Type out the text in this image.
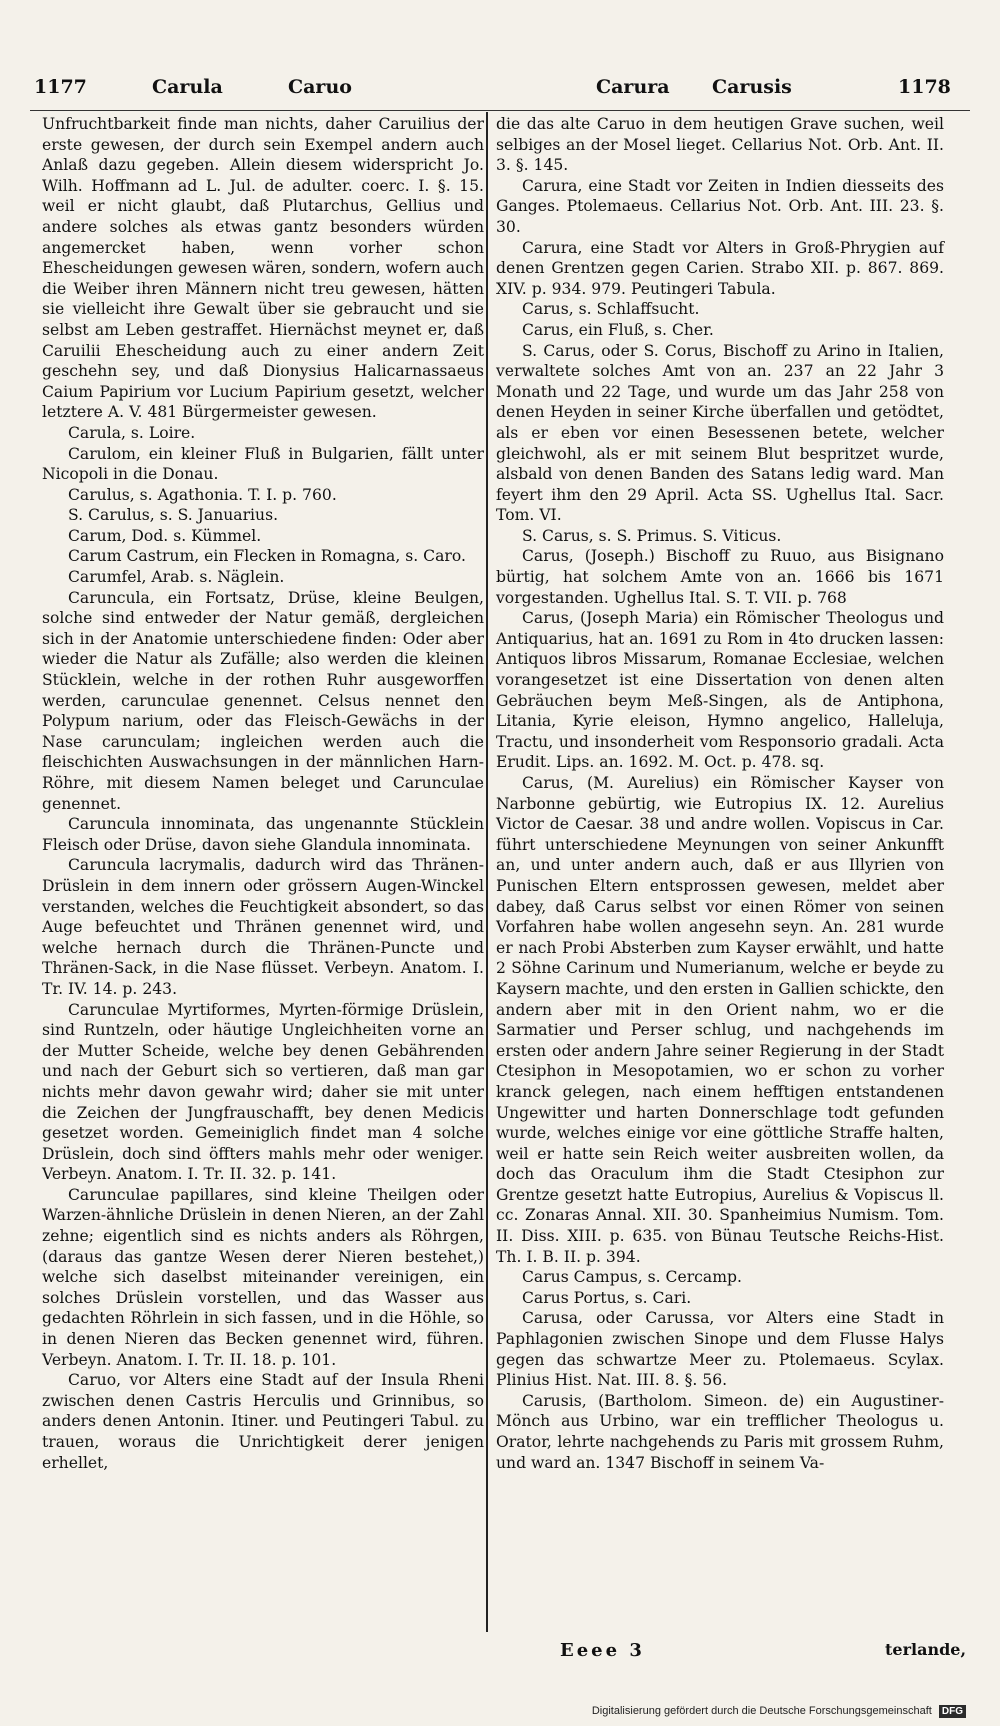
1177	Carula	Caruo	Carura Carusis	1178

Unfruchtbarkeit finde man nichts, daher Caruilius der erste gewesen, der durch sein Exempel andern auch Anlaß dazu gegeben. Allein diesem widerspricht Jo. Wilh. Hoffmann ad L. Jul. de adulter. coerc. I. §. 15. weil er nicht glaubt, daß Plutarchus, Gellius und andere solches als etwas gantz besonders würden angemercket haben, wenn vorher schon Ehescheidungen gewesen wären, sondern, wofern auch die Weiber ihren Männern nicht treu gewesen, hätten sie vielleicht ihre Gewalt über sie gebraucht und sie selbst am Leben gestraffet. Hiernächst meynet er, daß Caruilii Ehescheidung auch zu einer andern Zeit geschehn sey, und daß Dionysius Halicarnassaeus Caium Papirium vor Lucium Papirium gesetzt, welcher letztere A. V. 481 Bürgermeister gewesen.

Carula, s. Loire.

Carulom, ein kleiner Fluß in Bulgarien, fällt unter Nicopoli in die Donau.

Carulus, s. Agathonia. T. I. p. 760.

S. Carulus, s. S. Januarius.

Carum, Dod. s. Kümmel.

Carum Castrum, ein Flecken in Romagna, s. Caro.

Carumfel, Arab. s. Näglein.

Caruncula, ein Fortsatz, Drüse, kleine Beulgen, solche sind entweder der Natur gemäß, dergleichen sich in der Anatomie unterschiedene finden: Oder aber wieder die Natur als Zufälle; also werden die kleinen Stücklein, welche in der rothen Ruhr ausgeworffen werden, carunculae genennet. Celsus nennet den Polypum narium, oder das Fleisch-Gewächs in der Nase carunculam; ingleichen werden auch die fleischichten Auswachsungen in der männlichen Harn-Röhre, mit diesem Namen beleget und Carunculae genennet.

Caruncula innominata, das ungenannte Stücklein Fleisch oder Drüse, davon siehe Glandula innominata.

Caruncula lacrymalis, dadurch wird das Thränen-Drüslein in dem innern oder grössern Augen-Winckel verstanden, welches die Feuchtigkeit absondert, so das Auge befeuchtet und Thränen genennet wird, und welche hernach durch die Thränen-Puncte und Thränen-Sack, in die Nase flüsset. Verbeyn. Anatom. I. Tr. IV. 14. p. 243.

Carunculae Myrtiformes, Myrten-förmige Drüslein, sind Runtzeln, oder häutige Ungleichheiten vorne an der Mutter Scheide, welche bey denen Gebährenden und nach der Geburt sich so vertieren, daß man gar nichts mehr davon gewahr wird; daher sie mit unter die Zeichen der Jungfrauschafft, bey denen Medicis gesetzet worden. Gemeiniglich findet man 4 solche Drüslein, doch sind öffters mahls mehr oder weniger. Verbeyn. Anatom. I. Tr. II. 32. p. 141.

Carunculae papillares, sind kleine Theilgen oder Warzen-ähnliche Drüslein in denen Nieren, an der Zahl zehne; eigentlich sind es nichts anders als Röhrgen, (daraus das gantze Wesen derer Nieren bestehet,) welche sich daselbst miteinander vereinigen, ein solches Drüslein vorstellen, und das Wasser aus gedachten Röhrlein in sich fassen, und in die Höhle, so in denen Nieren das Becken genennet wird, führen. Verbeyn. Anatom. I. Tr. II. 18. p. 101.

Caruo, vor Alters eine Stadt auf der Insula Rheni zwischen denen Castris Herculis und Grinnibus, so anders denen Antonin. Itiner. und Peutingeri Tabul. zu trauen, woraus die Unrichtigkeit derer jenigen erhellet,

die das alte Caruo in dem heutigen Grave suchen, weil selbiges an der Mosel lieget. Cellarius Not. Orb. Ant. II. 3. §. 145.

Carura, eine Stadt vor Zeiten in Indien diesseits des Ganges. Ptolemaeus. Cellarius Not. Orb. Ant. III. 23. §. 30.

Carura, eine Stadt vor Alters in Groß-Phrygien auf denen Grentzen gegen Carien. Strabo XII. p. 867. 869. XIV. p. 934. 979. Peutingeri Tabula.

Carus, s. Schlaffsucht.

Carus, ein Fluß, s. Cher.

S. Carus, oder S. Corus, Bischoff zu Arino in Italien, verwaltete solches Amt von an. 237 an 22 Jahr 3 Monath und 22 Tage, und wurde um das Jahr 258 von denen Heyden in seiner Kirche überfallen und getödtet, als er eben vor einen Besessenen betete, welcher gleichwohl, als er mit seinem Blut bespritzet wurde, alsbald von denen Banden des Satans ledig ward. Man feyert ihm den 29 April. Acta SS. Ughellus Ital. Sacr. Tom. VI.

S. Carus, s. S. Primus. S. Viticus.

Carus, (Joseph.) Bischoff zu Ruuo, aus Bisignano bürtig, hat solchem Amte von an. 1666 bis 1671 vorgestanden. Ughellus Ital. S. T. VII. p. 768

Carus, (Joseph Maria) ein Römischer Theologus und Antiquarius, hat an. 1691 zu Rom in 4to drucken lassen: Antiquos libros Missarum, Romanae Ecclesiae, welchen vorangesetzet ist eine Dissertation von denen alten Gebräuchen beym Meß-Singen, als de Antiphona, Litania, Kyrie eleison, Hymno angelico, Halleluja, Tractu, und insonderheit vom Responsorio gradali. Acta Erudit. Lips. an. 1692. M. Oct. p. 478. sq.

Carus, (M. Aurelius) ein Römischer Kayser von Narbonne gebürtig, wie Eutropius IX. 12. Aurelius Victor de Caesar. 38 und andre wollen. Vopiscus in Car. führt unterschiedene Meynungen von seiner Ankunfft an, und unter andern auch, daß er aus Illyrien von Punischen Eltern entsprossen gewesen, meldet aber dabey, daß Carus selbst vor einen Römer von seinen Vorfahren habe wollen angesehn seyn. An. 281 wurde er nach Probi Absterben zum Kayser erwählt, und hatte 2 Söhne Carinum und Numerianum, welche er beyde zu Kaysern machte, und den ersten in Gallien schickte, den andern aber mit in den Orient nahm, wo er die Sarmatier und Perser schlug, und nachgehends im ersten oder andern Jahre seiner Regierung in der Stadt Ctesiphon in Mesopotamien, wo er schon zu vorher kranck gelegen, nach einem hefftigen entstandenen Ungewitter und harten Donnerschlage todt gefunden wurde, welches einige vor eine göttliche Straffe halten, weil er hatte sein Reich weiter ausbreiten wollen, da doch das Oraculum ihm die Stadt Ctesiphon zur Grentze gesetzt hatte Eutropius, Aurelius & Vopiscus ll. cc. Zonaras Annal. XII. 30. Spanheimius Numism. Tom. II. Diss. XIII. p. 635. von Bünau Teutsche Reichs-Hist. Th. I. B. II. p. 394.

Carus Campus, s. Cercamp.

Carus Portus, s. Cari.

Carusa, oder Carussa, vor Alters eine Stadt in Paphlagonien zwischen Sinope und dem Flusse Halys gegen das schwartze Meer zu. Ptolemaeus. Scylax. Plinius Hist. Nat. III. 8. §. 56.

Carusis, (Bartholom. Simeon. de) ein Augustiner-Mönch aus Urbino, war ein trefflicher Theologus u. Orator, lehrte nachgehends zu Paris mit grossem Ruhm, und ward an. 1347 Bischoff in seinem Va-

Eeee 3	terlande,
Digitalisierung gefördert durch die Deutsche Forschungsgemeinschaft DFG
